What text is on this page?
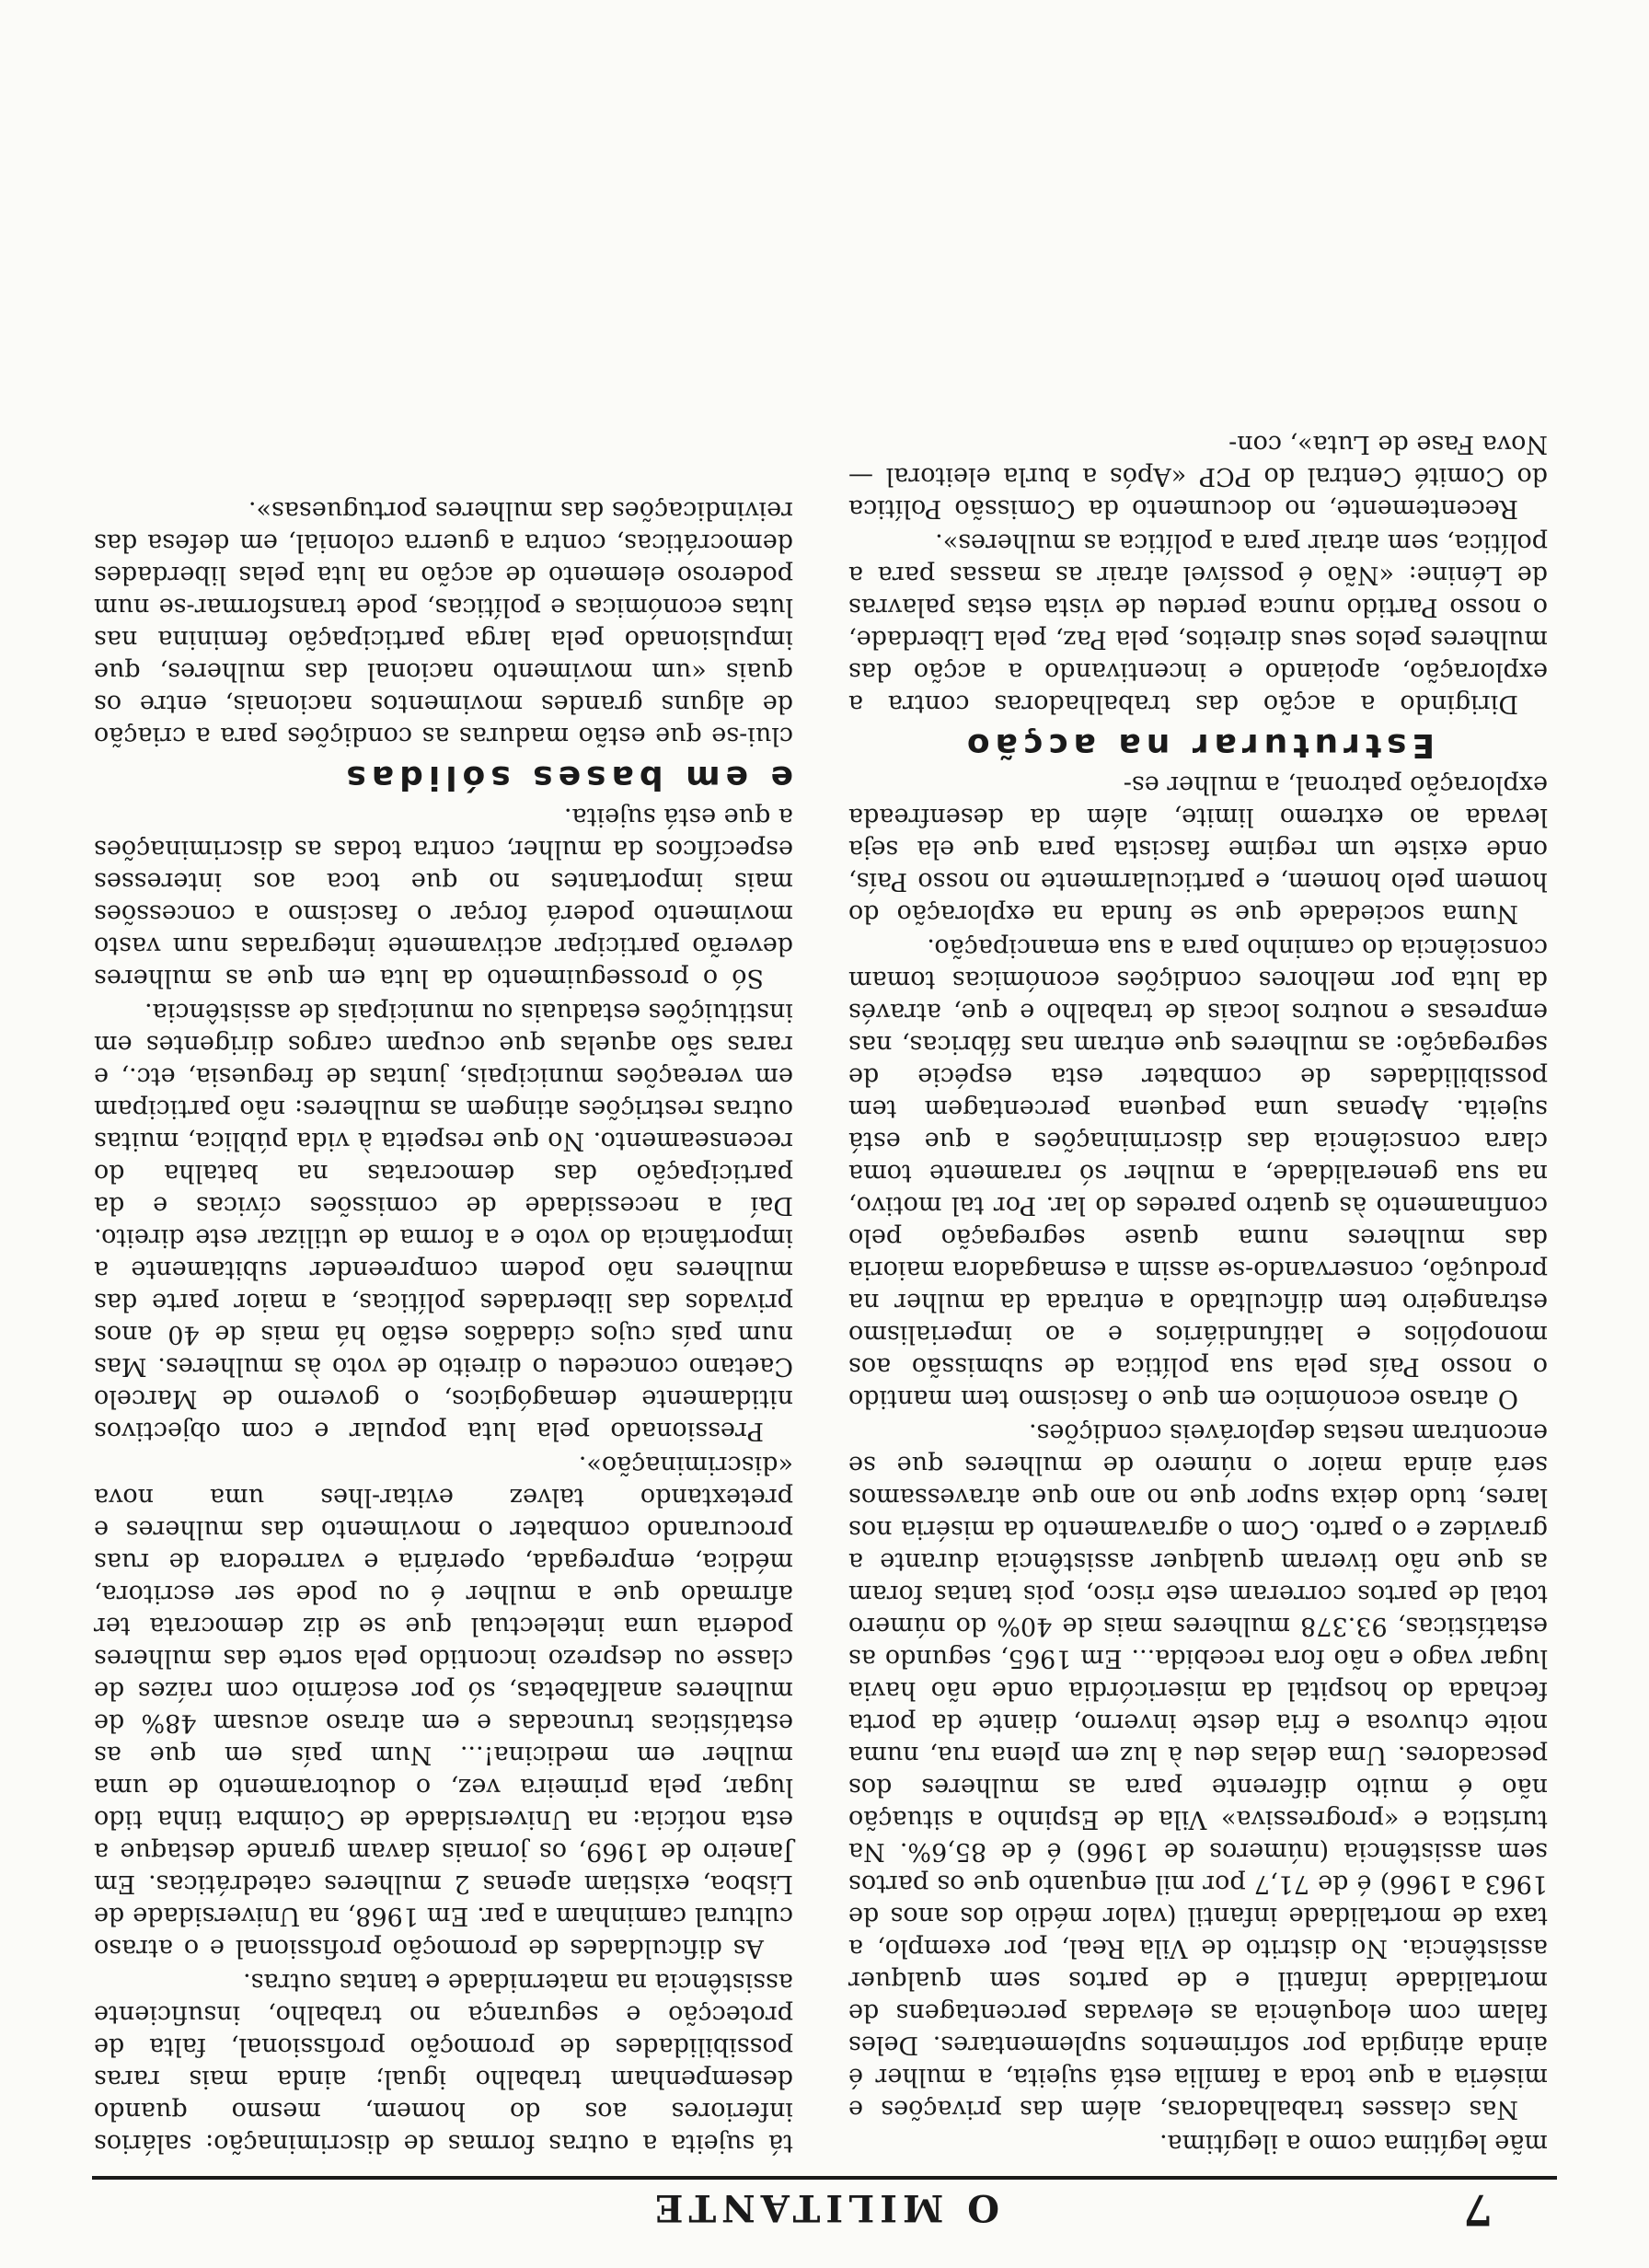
7
O MILITANTE

mãe legítima como a ilegítima.

Nas classes trabalhadoras, além das privações e miséria a que toda a família está sujeita, a mulher é ainda atingida por sofrimentos suplementares. Deles falam com eloquência as elevadas percentagens de mortalidade infantil e de partos sem qualquer assistência. No distrito de Vila Real, por exemplo, a taxa de mortalidade infantil (valor médio dos anos de 1963 a 1966) é de 71,7 por mil enquanto que os partos sem assistência (números de 1966) é de 85,6%. Na turística e «progressiva» Vila de Espinho a situação não é muito diferente para as mulheres dos pescadores. Uma delas deu à luz em plena rua, numa noite chuvosa e fria deste inverno, diante da porta fechada do hospital da misericórdia onde não havia lugar vago e não fora recebida... Em 1965, segundo as estatísticas, 93.378 mulheres mais de 40% do número total de partos correram este risco, pois tantas foram as que não tiveram qualquer assistência durante a gravidez e o parto. Com o agravamento da miséria nos lares, tudo deixa supor que no ano que atravessamos será ainda maior o número de mulheres que se encontram nestas deploráveis condições.

O atraso económico em que o fascismo tem mantido o nosso País pela sua política de submissão aos monopólios e latifundiários e ao imperialismo estrangeiro tem dificultado a entrada da mulher na produção, conservando-se assim a esmagadora maioria das mulheres numa quase segregação pelo confinamento às quatro paredes do lar. Por tal motivo, na sua generalidade, a mulher só raramente toma clara consciência das discriminações a que está sujeita. Apenas uma pequena percentagem tem possibilidades de combater esta espécie de segregação: as mulheres que entram nas fábricas, nas empresas e noutros locais de trabalho e que, através da luta por melhores condições económicas tomam consciência do caminho para a sua emancipação.

Numa sociedade que se funda na exploração do homem pelo homem, e particularmente no nosso País, onde existe um regime fascista para que ela seja levada ao extremo limite, além da desenfreada exploração patronal, a mulher es-

Estruturar na acção

Dirigindo a acção das trabalhadoras contra a exploração, apoiando e incentivando a acção das mulheres pelos seus direitos, pela Paz, pela Liberdade, o nosso Partido nunca perdeu de vista estas palavras de Lénine: «Não é possível atrair as massas para a política, sem atrair para a política as mulheres».

Recentemente, no documento da Comissão Política do Comité Central do PCP «Após a burla eleitoral — Nova Fase de Luta», con-

tá sujeita a outras formas de discriminação: salários inferiores aos do homem, mesmo quando desempenham trabalho igual; ainda mais raras possibilidades de promoção profissional, falta de protecção e segurança no trabalho, insuficiente assistência na maternidade e tantas outras.

As dificuldades de promoção profissional e o atraso cultural caminham a par. Em 1968, na Universidade de Lisboa, existiam apenas 2 mulheres catedráticas. Em Janeiro de 1969, os jornais davam grande destaque a esta notícia: na Universidade de Coimbra tinha tido lugar, pela primeira vez, o doutoramento de uma mulher em medicina!... Num país em que as estatísticas truncadas e em atraso acusam 48% de mulheres analfabetas, só por escárnio com raízes de classe ou desprezo incontido pela sorte das mulheres poderia uma intelectual que se diz democrata ter afirmado que a mulher é ou pode ser escritora, médica, empregada, operária e varredora de ruas procurando combater o movimento das mulheres e pretextando talvez evitar-lhes uma nova «discriminação».

Pressionado pela luta popular e com objectivos nitidamente demagógicos, o governo de Marcelo Caetano concedeu o direito de voto às mulheres. Mas num país cujos cidadãos estão há mais de 40 anos privados das liberdades políticas, a maior parte das mulheres não podem compreender subitamente a importância do voto e a forma de utilizar este direito. Daí a necessidade de comissões cívicas e da participação das democratas na batalha do recenseamento. No que respeita à vida pública, muitas outras restrições atingem as mulheres: não participam em vereações municipais, juntas de freguesia, etc., e raras são aquelas que ocupam cargos dirigentes em instituições estaduais ou municipais de assistência.

Só o prosseguimento da luta em que as mulheres deverão participar activamente integradas num vasto movimento poderá forçar o fascismo a concessões mais importantes no que toca aos interesses específicos da mulher, contra todas as discriminações a que está sujeita.

e em bases sólidas

clui-se que estão maduras as condições para a criação de alguns grandes movimentos nacionais, entre os quais «um movimento nacional das mulheres, que impulsionado pela larga participação feminina nas lutas económicas e políticas, pode transformar-se num poderoso elemento de acção na luta pelas liberdades democráticas, contra a guerra colonial, em defesa das reivindicações das mulheres portuguesas».
